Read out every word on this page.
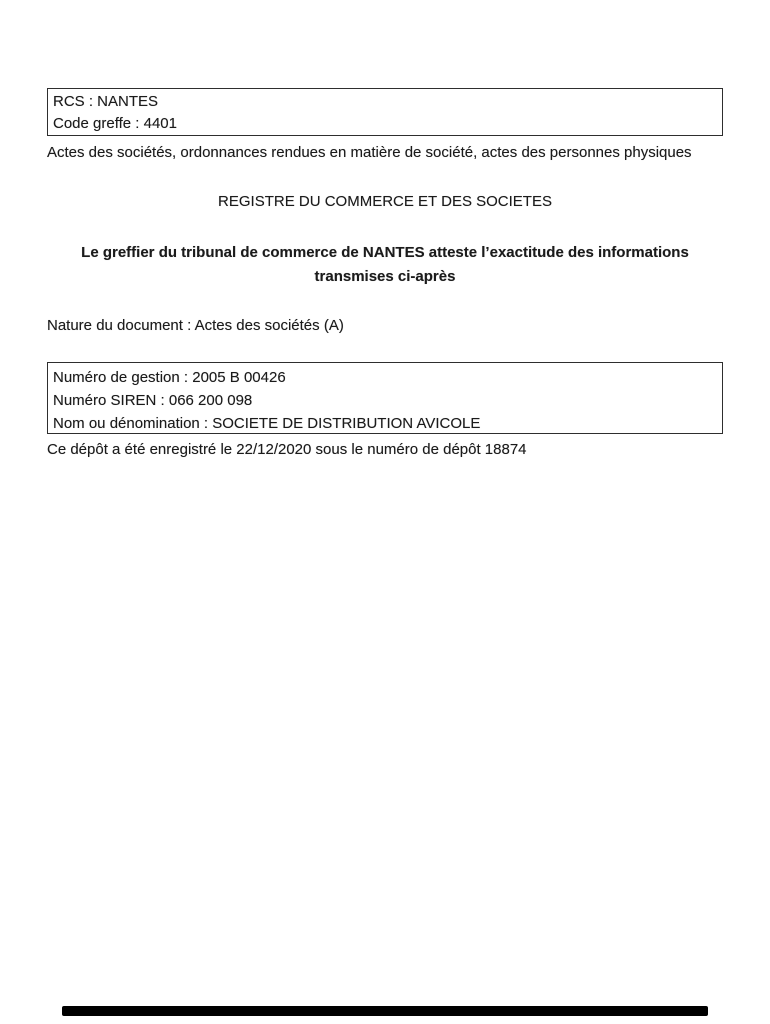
RCS : NANTES
Code greffe : 4401
Actes des sociétés, ordonnances rendues en matière de société, actes des personnes physiques
REGISTRE DU COMMERCE ET DES SOCIETES
Le greffier du tribunal de commerce de NANTES atteste l’exactitude des informations
transmises ci-après
Nature du document : Actes des sociétés (A)
Numéro de gestion : 2005 B 00426
Numéro SIREN : 066 200 098
Nom ou dénomination : SOCIETE DE DISTRIBUTION AVICOLE
Ce dépôt a été enregistré le 22/12/2020 sous le numéro de dépôt 18874
